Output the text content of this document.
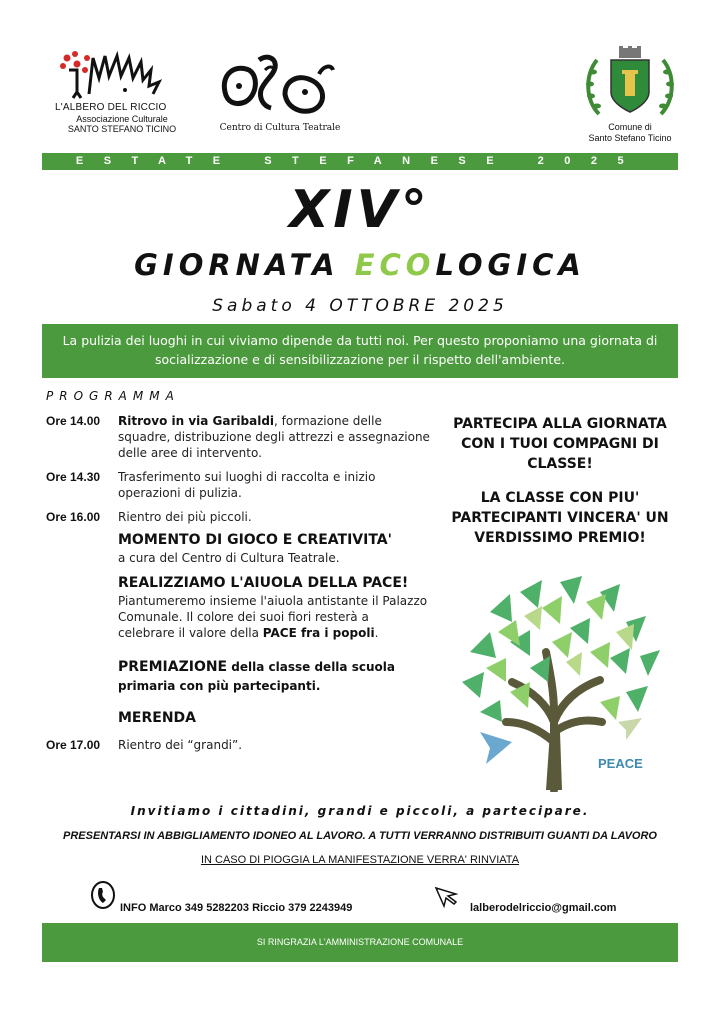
L'ALBERO DEL RICCIO
Associazione Culturale
SANTO STEFANO TICINO	Centro di Cultura Teatrale	Comune di
Santo Stefano Ticino
ESTATE STEFANESE 2025
XIV°
GIORNATA ECOLOGICA
Sabato 4 OTTOBRE 2025
La pulizia dei luoghi in cui viviamo dipende da tutti noi. Per questo proponiamo una giornata di socializzazione e di sensibilizzazione per il rispetto dell'ambiente.
PROGRAMMA
Ore 14.00 Ritrovo in via Garibaldi, formazione delle squadre, distribuzione degli attrezzi e assegnazione delle aree di intervento.
Ore 14.30 Trasferimento sui luoghi di raccolta e inizio operazioni di pulizia.
Ore 16.00 Rientro dei più piccoli.
MOMENTO DI GIOCO E CREATIVITA'
a cura del Centro di Cultura Teatrale.
REALIZZIAMO L'AIUOLA DELLA PACE!
Piantumeremo insieme l'aiuola antistante il Palazzo Comunale. Il colore dei suoi fiori resterà a celebrare il valore della PACE fra i popoli.
PREMIAZIONE della classe della scuola primaria con più partecipanti.
MERENDA
Ore 17.00 Rientro dei “grandi”.
PARTECIPA ALLA GIORNATA CON I TUOI COMPAGNI DI CLASSE!
LA CLASSE CON PIU' PARTECIPANTI VINCERA' UN VERDISSIMO PREMIO!
PEACE
Invitiamo i cittadini, grandi e piccoli, a partecipare.
PRESENTARSI IN ABBIGLIAMENTO IDONEO AL LAVORO. A TUTTI VERRANNO DISTRIBUITI GUANTI DA LAVORO
IN CASO DI PIOGGIA LA MANIFESTAZIONE VERRA' RINVIATA
INFO Marco 349 5282203 Riccio 379 2243949	lalberodelriccio@gmail.com
SI RINGRAZIA L'AMMINISTRAZIONE COMUNALE
